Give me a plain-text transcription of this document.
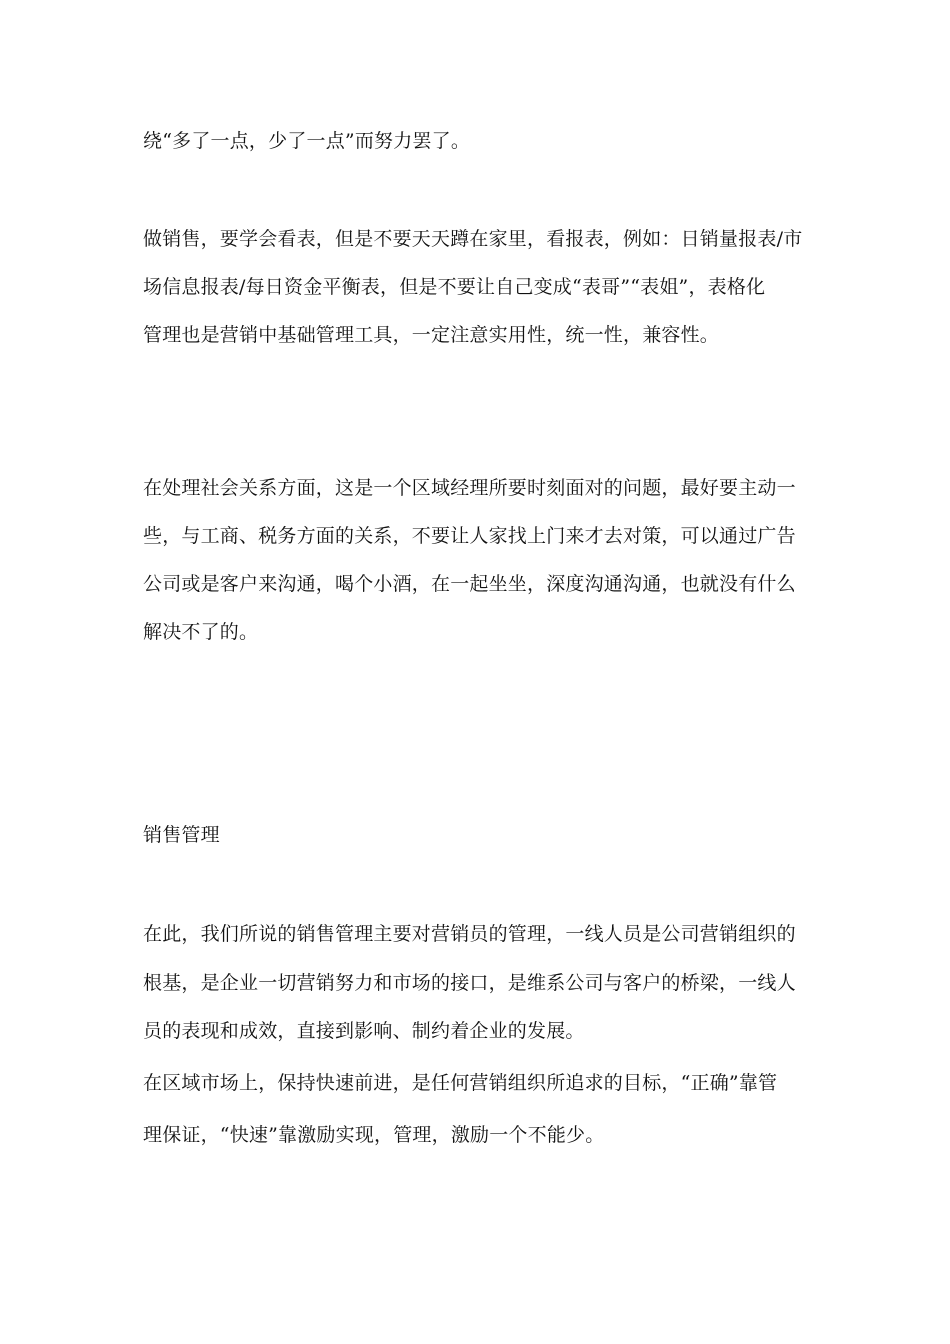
绕“多了一点，少了一点”而努力罢了。
做销售，要学会看表，但是不要天天蹲在家里，看报表，例如：日销量报表/市
场信息报表/每日资金平衡表，但是不要让自己变成“表哥”“表姐”，表格化
管理也是营销中基础管理工具，一定注意实用性，统一性，兼容性。
在处理社会关系方面，这是一个区域经理所要时刻面对的问题，最好要主动一
些，与工商、税务方面的关系，不要让人家找上门来才去对策，可以通过广告
公司或是客户来沟通，喝个小酒，在一起坐坐，深度沟通沟通，也就没有什么
解决不了的。
销售管理
在此，我们所说的销售管理主要对营销员的管理，一线人员是公司营销组织的
根基，是企业一切营销努力和市场的接口，是维系公司与客户的桥梁，一线人
员的表现和成效，直接到影响、制约着企业的发展。
在区域市场上，保持快速前进，是任何营销组织所追求的目标，“正确”靠管
理保证，“快速”靠激励实现，管理，激励一个不能少。
